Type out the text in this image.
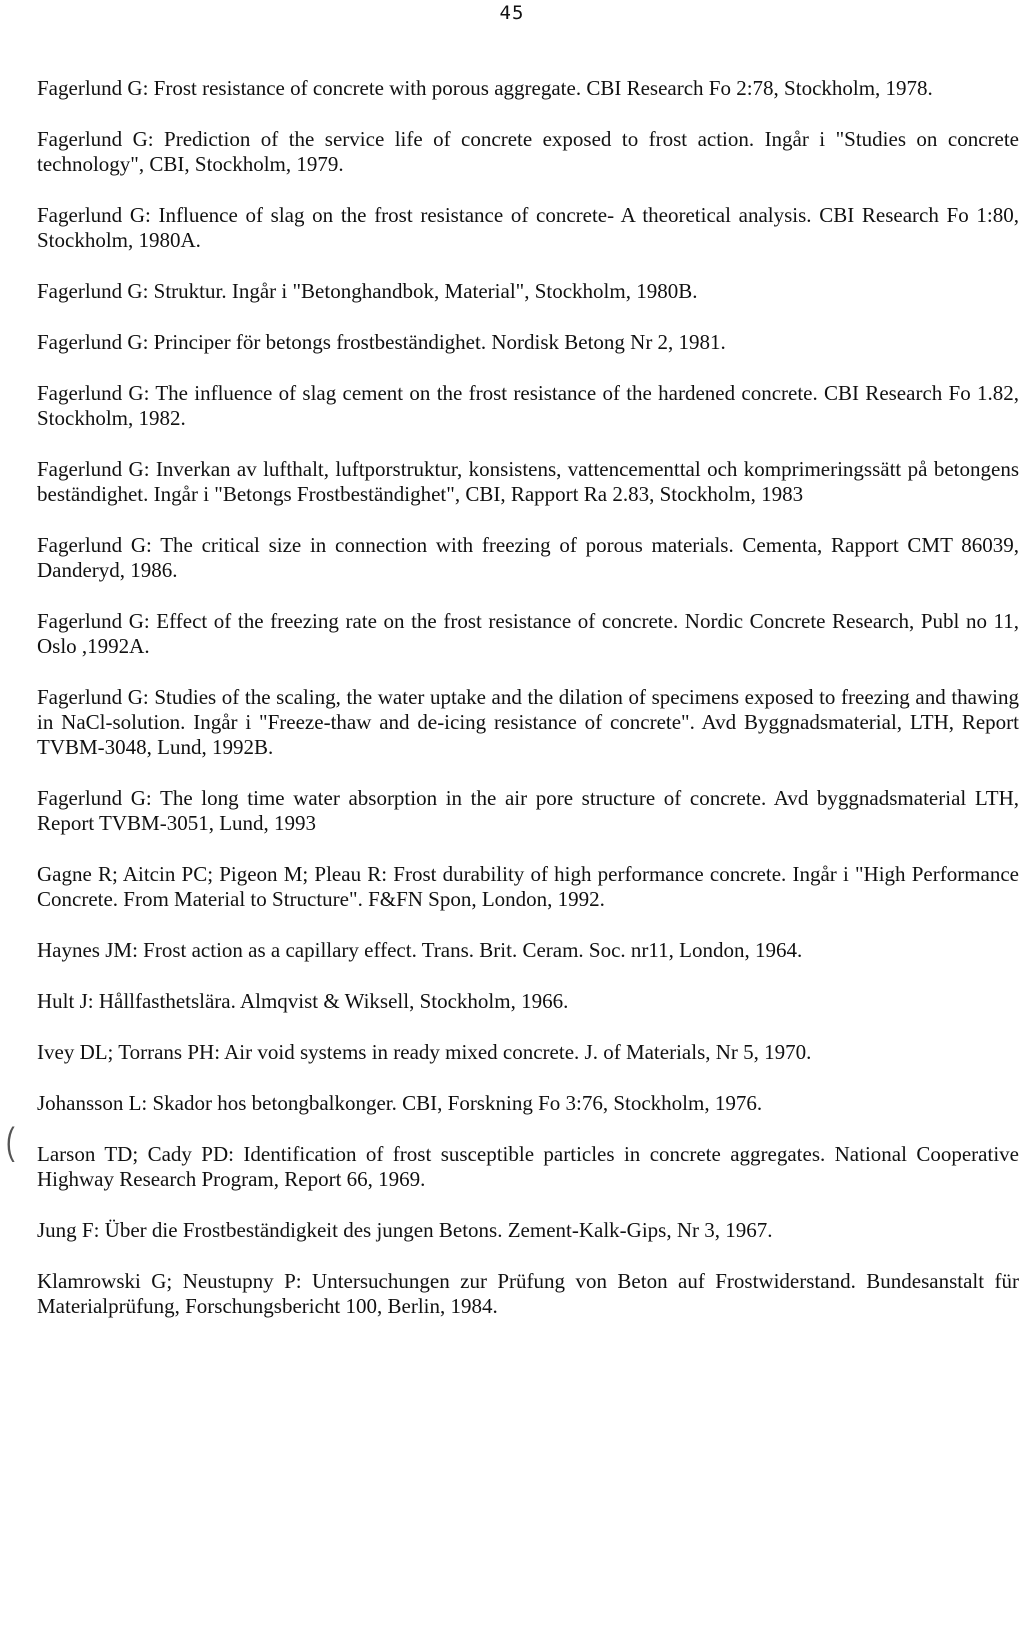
45
(

Fagerlund G: Frost resistance of concrete with porous aggregate. CBI Research Fo 2:78, Stockholm, 1978.

Fagerlund G: Prediction of the service life of concrete exposed to frost action. Ingår i "Studies on concrete technology", CBI, Stockholm, 1979.

Fagerlund G: Influence of slag on the frost resistance of concrete- A theoretical analysis. CBI Research Fo 1:80, Stockholm, 1980A.

Fagerlund G: Struktur. Ingår i "Betonghandbok, Material", Stockholm, 1980B.

Fagerlund G: Principer för betongs frostbeständighet. Nordisk Betong Nr 2, 1981.

Fagerlund G: The influence of slag cement on the frost resistance of the hardened concrete. CBI Research Fo 1.82, Stockholm, 1982.

Fagerlund G: Inverkan av lufthalt, luftporstruktur, konsistens, vattencementtal och komprimeringssätt på betongens beständighet. Ingår i "Betongs Frostbeständighet", CBI, Rapport Ra 2.83, Stockholm, 1983

Fagerlund G: The critical size in connection with freezing of porous materials. Cementa, Rapport CMT 86039, Danderyd, 1986.

Fagerlund G: Effect of the freezing rate on the frost resistance of concrete. Nordic Concrete Research, Publ no 11, Oslo ,1992A.

Fagerlund G: Studies of the scaling, the water uptake and the dilation of specimens exposed to freezing and thawing in NaCl-solution. Ingår i "Freeze-thaw and de-icing resistance of concrete". Avd Byggnadsmaterial, LTH, Report TVBM-3048, Lund, 1992B.

Fagerlund G: The long time water absorption in the air pore structure of concrete. Avd byggnadsmaterial LTH, Report TVBM-3051, Lund, 1993

Gagne R; Aitcin PC; Pigeon M; Pleau R: Frost durability of high performance concrete. Ingår i "High Performance Concrete. From Material to Structure". F&FN Spon, London, 1992.

Haynes JM: Frost action as a capillary effect. Trans. Brit. Ceram. Soc. nr11, London, 1964.

Hult J: Hållfasthetslära. Almqvist & Wiksell, Stockholm, 1966.

Ivey DL; Torrans PH: Air void systems in ready mixed concrete. J. of Materials, Nr 5, 1970.

Johansson L: Skador hos betongbalkonger. CBI, Forskning Fo 3:76, Stockholm, 1976.

Larson TD; Cady PD: Identification of frost susceptible particles in concrete aggregates. National Cooperative Highway Research Program, Report 66, 1969.

Jung F: Über die Frostbeständigkeit des jungen Betons. Zement-Kalk-Gips, Nr 3, 1967.

Klamrowski G; Neustupny P: Untersuchungen zur Prüfung von Beton auf Frostwiderstand. Bundesanstalt für Materialprüfung, Forschungsbericht 100, Berlin, 1984.
